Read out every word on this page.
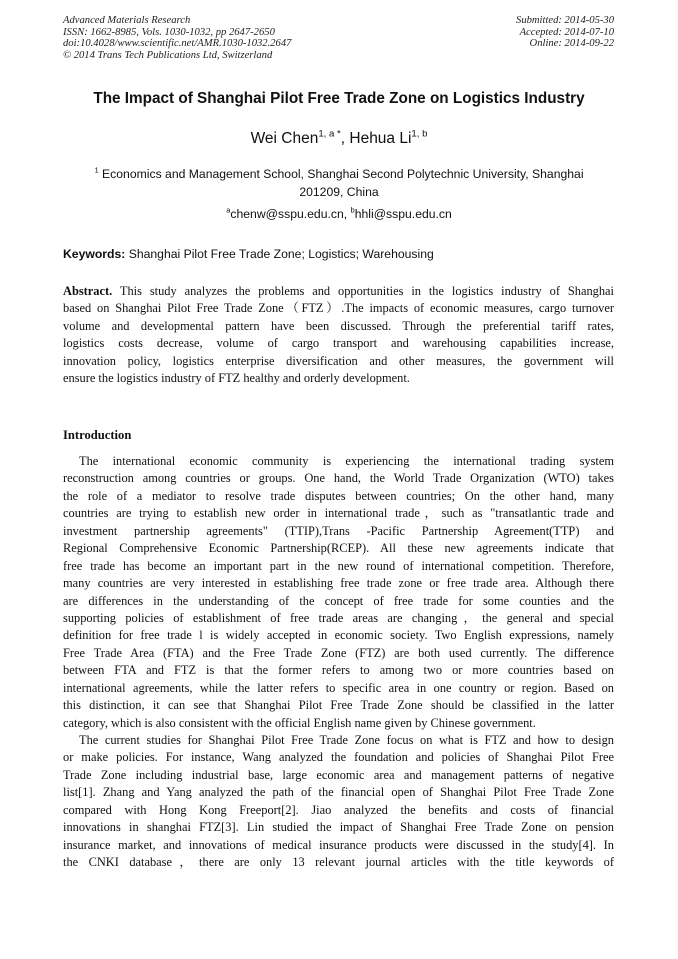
Advanced Materials Research
ISSN: 1662-8985, Vols. 1030-1032, pp 2647-2650
doi:10.4028/www.scientific.net/AMR.1030-1032.2647
© 2014 Trans Tech Publications Ltd, Switzerland
Submitted: 2014-05-30
Accepted: 2014-07-10
Online: 2014-09-22
The Impact of Shanghai Pilot Free Trade Zone on Logistics Industry
Wei Chen$^{1, a *}$, Hehua Li$^{1, b}$
$^1$ Economics and Management School, Shanghai Second Polytechnic University, Shanghai
201209, China
$^a$chenw@sspu.edu.cn, $^b$hhli@sspu.edu.cn
Keywords: Shanghai Pilot Free Trade Zone; Logistics; Warehousing
Abstract. This study analyzes the problems and opportunities in the logistics industry of Shanghai
based on Shanghai Pilot Free Trade Zone（FTZ）.The impacts of economic measures, cargo turnover
volume and developmental pattern have been discussed. Through the preferential tariff rates,
logistics costs decrease, volume of cargo transport and warehousing capabilities increase,
innovation policy, logistics enterprise diversification and other measures, the government will
ensure the logistics industry of FTZ healthy and orderly development.
Introduction
The international economic community is experiencing the international trading system
reconstruction among countries or groups. One hand, the World Trade Organization (WTO) takes
the role of a mediator to resolve trade disputes between countries; On the other hand, many
countries are trying to establish new order in international trade，such as "transatlantic trade and
investment partnership agreements" (TTIP),Trans -Pacific Partnership Agreement(TTP) and
Regional Comprehensive Economic Partnership(RCEP). All these new agreements indicate that
free trade has become an important part in the new round of international competition. Therefore,
many countries are very interested in establishing free trade zone or free trade area. Although there
are differences in the understanding of the concept of free trade for some counties and the
supporting policies of establishment of free trade areas are changing，the general and special
definition for free trade l is widely accepted in economic society. Two English expressions, namely
Free Trade Area (FTA) and the Free Trade Zone (FTZ) are both used currently. The difference
between FTA and FTZ is that the former refers to among two or more countries based on
international agreements, while the latter refers to specific area in one country or region. Based on
this distinction, it can see that Shanghai Pilot Free Trade Zone should be classified in the latter
category, which is also consistent with the official English name given by Chinese government.
The current studies for Shanghai Pilot Free Trade Zone focus on what is FTZ and how to design
or make policies. For instance, Wang analyzed the foundation and policies of Shanghai Pilot Free
Trade Zone including industrial base, large economic area and management patterns of negative
list[1]. Zhang and Yang analyzed the path of the financial open of Shanghai Pilot Free Trade Zone
compared with Hong Kong Freeport[2]. Jiao analyzed the benefits and costs of financial
innovations in shanghai FTZ[3]. Lin studied the impact of Shanghai Free Trade Zone on pension
insurance market, and innovations of medical insurance products were discussed in the study[4]. In
the CNKI database，there are only 13 relevant journal articles with the title keywords of
